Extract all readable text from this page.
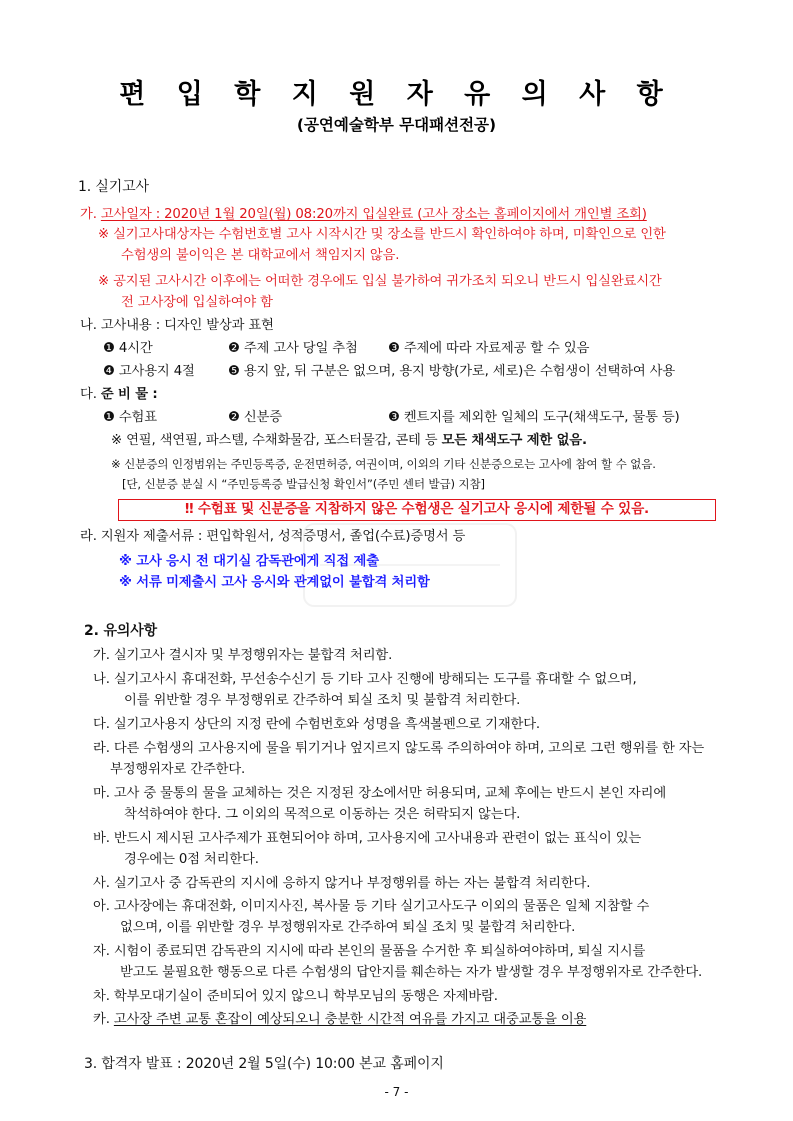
편 입 학 지 원 자 유 의 사 항
(공연예술학부 무대패션전공)
1. 실기고사
가. 고사일자 : 2020년 1월 20일(월) 08:20까지 입실완료 (고사 장소는 홈페이지에서 개인별 조회)
※ 실기고사대상자는 수험번호별 고사 시작시간 및 장소를 반드시 확인하여야 하며, 미확인으로 인한
수험생의 불이익은 본 대학교에서 책임지지 않음.
※ 공지된 고사시간 이후에는 어떠한 경우에도 입실 불가하여 귀가조치 되오니 반드시 입실완료시간
전 고사장에 입실하여야 함
나. 고사내용 : 디자인 발상과 표현
❶ 4시간	❷ 주제 고사 당일 추첨 ❸ 주제에 따라 자료제공 할 수 있음
❹ 고사용지 4절	❺ 용지 앞, 뒤 구분은 없으며, 용지 방향(가로, 세로)은 수험생이 선택하여 사용
다. 준 비 물 :
❶ 수험표	❷ 신분증	❸ 켄트지를 제외한 일체의 도구(채색도구, 물통 등)
※ 연필, 색연필, 파스텔, 수채화물감, 포스터물감, 콘테 등 모든 채색도구 제한 없음.
※ 신분증의 인정범위는 주민등록증, 운전면허증, 여권이며, 이외의 기타 신분증으로는 고사에 참여 할 수 없음.
[단, 신분증 분실 시 “주민등록증 발급신청 확인서”(주민 센터 발급) 지참]
‼ 수험표 및 신분증을 지참하지 않은 수험생은 실기고사 응시에 제한될 수 있음.
라. 지원자 제출서류 : 편입학원서, 성적증명서, 졸업(수료)증명서 등
※ 고사 응시 전 대기실 감독관에게 직접 제출
※ 서류 미제출시 고사 응시와 관계없이 불합격 처리함
2. 유의사항
가. 실기고사 결시자 및 부정행위자는 불합격 처리함.
나. 실기고사시 휴대전화, 무선송수신기 등 기타 고사 진행에 방해되는 도구를 휴대할 수 없으며,
이를 위반할 경우 부정행위로 간주하여 퇴실 조치 및 불합격 처리한다.
다. 실기고사용지 상단의 지정 란에 수험번호와 성명을 흑색볼펜으로 기재한다.
라. 다른 수험생의 고사용지에 물을 튀기거나 엎지르지 않도록 주의하여야 하며, 고의로 그런 행위를 한 자는
부정행위자로 간주한다.
마. 고사 중 물통의 물을 교체하는 것은 지정된 장소에서만 허용되며, 교체 후에는 반드시 본인 자리에
착석하여야 한다. 그 이외의 목적으로 이동하는 것은 허락되지 않는다.
바. 반드시 제시된 고사주제가 표현되어야 하며, 고사용지에 고사내용과 관련이 없는 표식이 있는
경우에는 0점 처리한다.
사. 실기고사 중 감독관의 지시에 응하지 않거나 부정행위를 하는 자는 불합격 처리한다.
아. 고사장에는 휴대전화, 이미지사진, 복사물 등 기타 실기고사도구 이외의 물품은 일체 지참할 수
없으며, 이를 위반할 경우 부정행위자로 간주하여 퇴실 조치 및 불합격 처리한다.
자. 시험이 종료되면 감독관의 지시에 따라 본인의 물품을 수거한 후 퇴실하여야하며, 퇴실 지시를
받고도 불필요한 행동으로 다른 수험생의 답안지를 훼손하는 자가 발생할 경우 부정행위자로 간주한다.
차. 학부모대기실이 준비되어 있지 않으니 학부모님의 동행은 자제바람.
카. 고사장 주변 교통 혼잡이 예상되오니 충분한 시간적 여유를 가지고 대중교통을 이용
3. 합격자 발표 : 2020년 2월 5일(수) 10:00 본교 홈페이지
- 7 -
